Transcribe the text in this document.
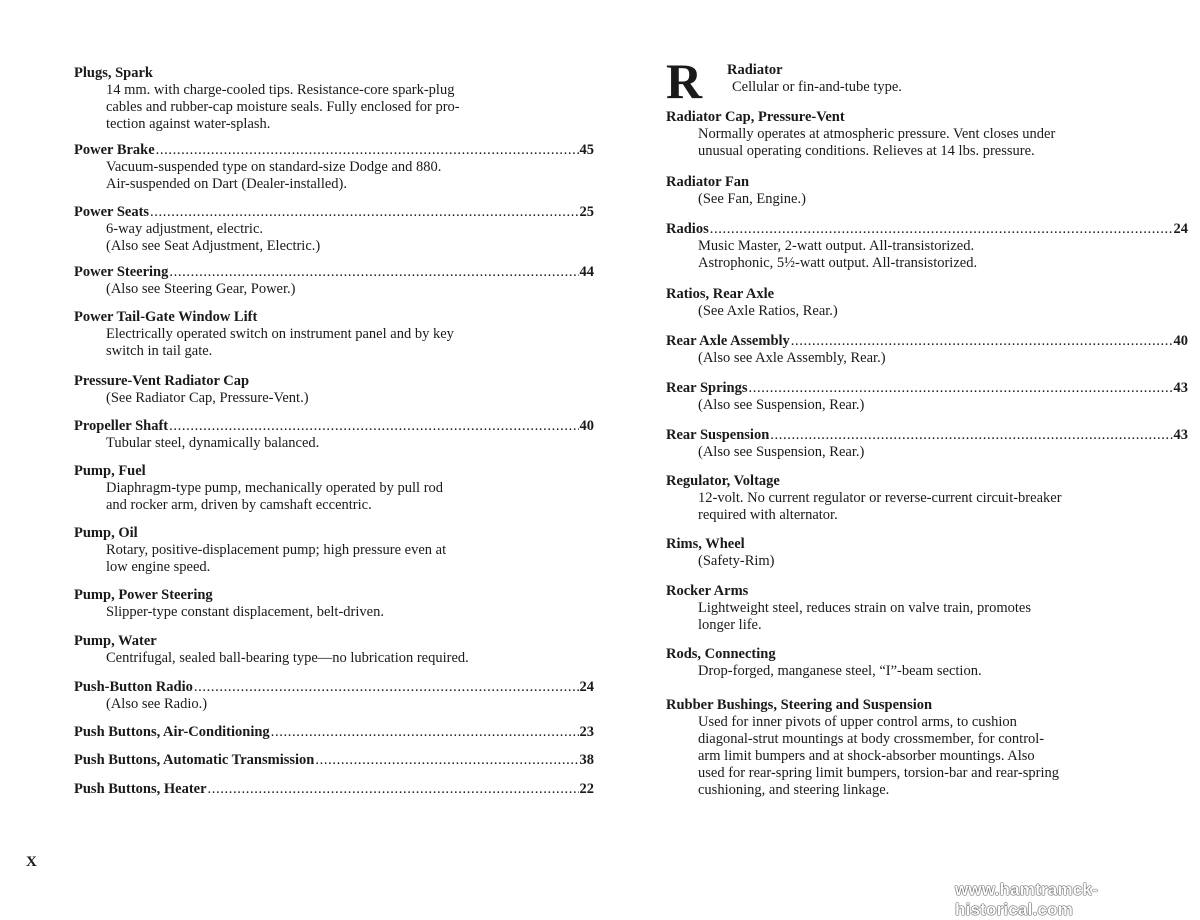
Plugs, Spark
14 mm. with charge-cooled tips. Resistance-core spark-plug
cables and rubber-cap moisture seals. Fully enclosed for pro-
tection against water-splash.
Power Brake . . .	45
Vacuum-suspended type on standard-size Dodge and 880.
Air-suspended on Dart (Dealer-installed).
Power Seats . . .	25
6-way adjustment, electric.
(Also see Seat Adjustment, Electric.)
Power Steering . . .	44
(Also see Steering Gear, Power.)
Power Tail-Gate Window Lift
Electrically operated switch on instrument panel and by key
switch in tail gate.
Pressure-Vent Radiator Cap
(See Radiator Cap, Pressure-Vent.)
Propeller Shaft . . .	40
Tubular steel, dynamically balanced.
Pump, Fuel
Diaphragm-type pump, mechanically operated by pull rod
and rocker arm, driven by camshaft eccentric.
Pump, Oil
Rotary, positive-displacement pump; high pressure even at
low engine speed.
Pump, Power Steering
Slipper-type constant displacement, belt-driven.
Pump, Water
Centrifugal, sealed ball-bearing type—no lubrication required.
Push-Button Radio . . .	24
(Also see Radio.)
Push Buttons, Air-Conditioning . . .	23
Push Buttons, Automatic Transmission . . .	38
Push Buttons, Heater . . .	22
Radiator Cap, Pressure-Vent
Normally operates at atmospheric pressure. Vent closes under
unusual operating conditions. Relieves at 14 lbs. pressure.
Radiator Fan
(See Fan, Engine.)
Radios . . .	24
Music Master, 2-watt output. All-transistorized.
Astrophonic, 5½-watt output. All-transistorized.
Ratios, Rear Axle
(See Axle Ratios, Rear.)
Rear Axle Assembly . . .	40
(Also see Axle Assembly, Rear.)
Rear Springs . . .	43
(Also see Suspension, Rear.)
Rear Suspension . . .	43
(Also see Suspension, Rear.)
Regulator, Voltage
12-volt. No current regulator or reverse-current circuit-breaker
required with alternator.
Rims, Wheel
(Safety-Rim)
Rocker Arms
Lightweight steel, reduces strain on valve train, promotes
longer life.
Rods, Connecting
Drop-forged, manganese steel, “I”-beam section.
Rubber Bushings, Steering and Suspension
Used for inner pivots of upper control arms, to cushion
diagonal-strut mountings at body crossmember, for control-
arm limit bumpers and at shock-absorber mountings. Also
used for rear-spring limit bumpers, torsion-bar and rear-spring
cushioning, and steering linkage.
R Radiator
Cellular or fin-and-tube type.
X
www.hamtramck-historical.com
